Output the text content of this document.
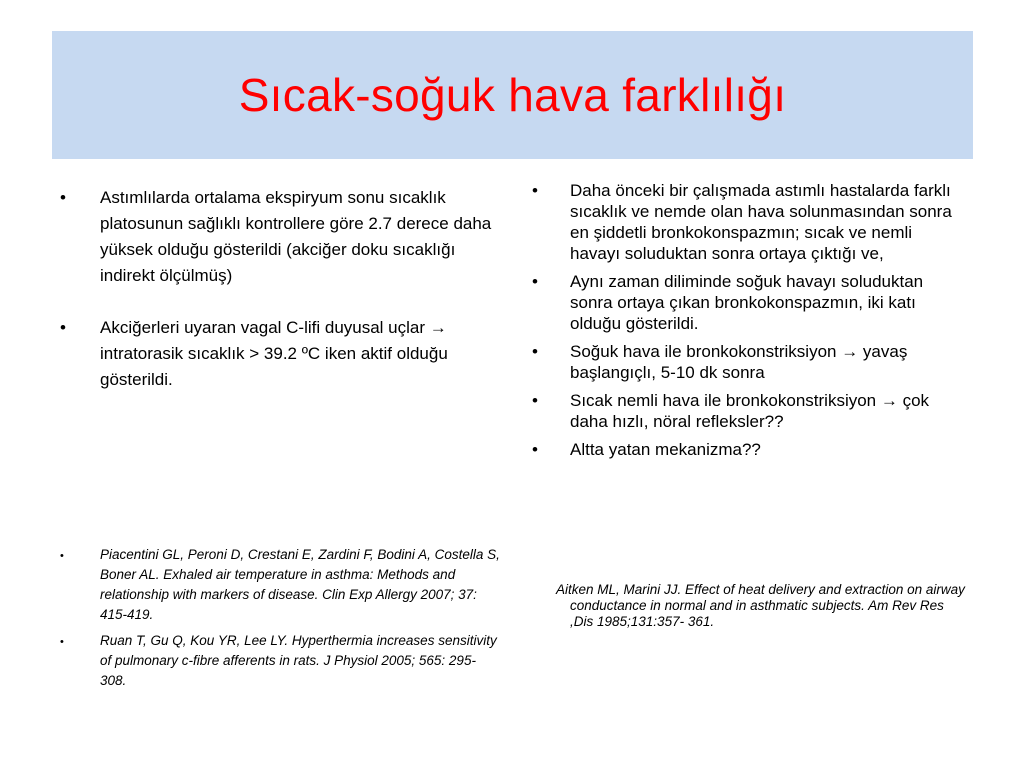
Sıcak-soğuk hava farklılığı
• Astımlılarda ortalama ekspiryum sonu sıcaklık platosunun sağlıklı kontrollere göre 2.7 derece daha yüksek olduğu gösterildi (akciğer doku sıcaklığı indirekt ölçülmüş)
• Akciğerleri uyaran vagal C-lifi duyusal uçlar → intratorasik sıcaklık > 39.2 ºC iken aktif olduğu gösterildi.
• Piacentini GL, Peroni D, Crestani E, Zardini F, Bodini A, Costella S, Boner AL. Exhaled air temperature in asthma: Methods and relationship with markers of disease. Clin Exp Allergy 2007; 37: 415-419.
• Ruan T, Gu Q, Kou YR, Lee LY. Hyperthermia increases sensitivity of pulmonary c-fibre afferents in rats. J Physiol 2005; 565: 295-308.
• Daha önceki bir çalışmada astımlı hastalarda farklı sıcaklık ve nemde olan hava solunmasından sonra en şiddetli bronkokonspazmın; sıcak ve nemli havayı soluduktan sonra ortaya çıktığı ve,
• Aynı zaman diliminde soğuk havayı soluduktan sonra ortaya çıkan bronkokonspazmın, iki katı olduğu gösterildi.
• Soğuk hava ile bronkokonstriksiyon → yavaş başlangıçlı, 5-10 dk sonra
• Sıcak nemli hava ile bronkokonstriksiyon → çok daha hızlı, nöral refleksler??
• Altta yatan mekanizma??
Aitken ML, Marini JJ. Effect of heat delivery and extraction on airway conductance in normal and in asthmatic subjects. Am Rev Res ,Dis 1985;131:357- 361.
